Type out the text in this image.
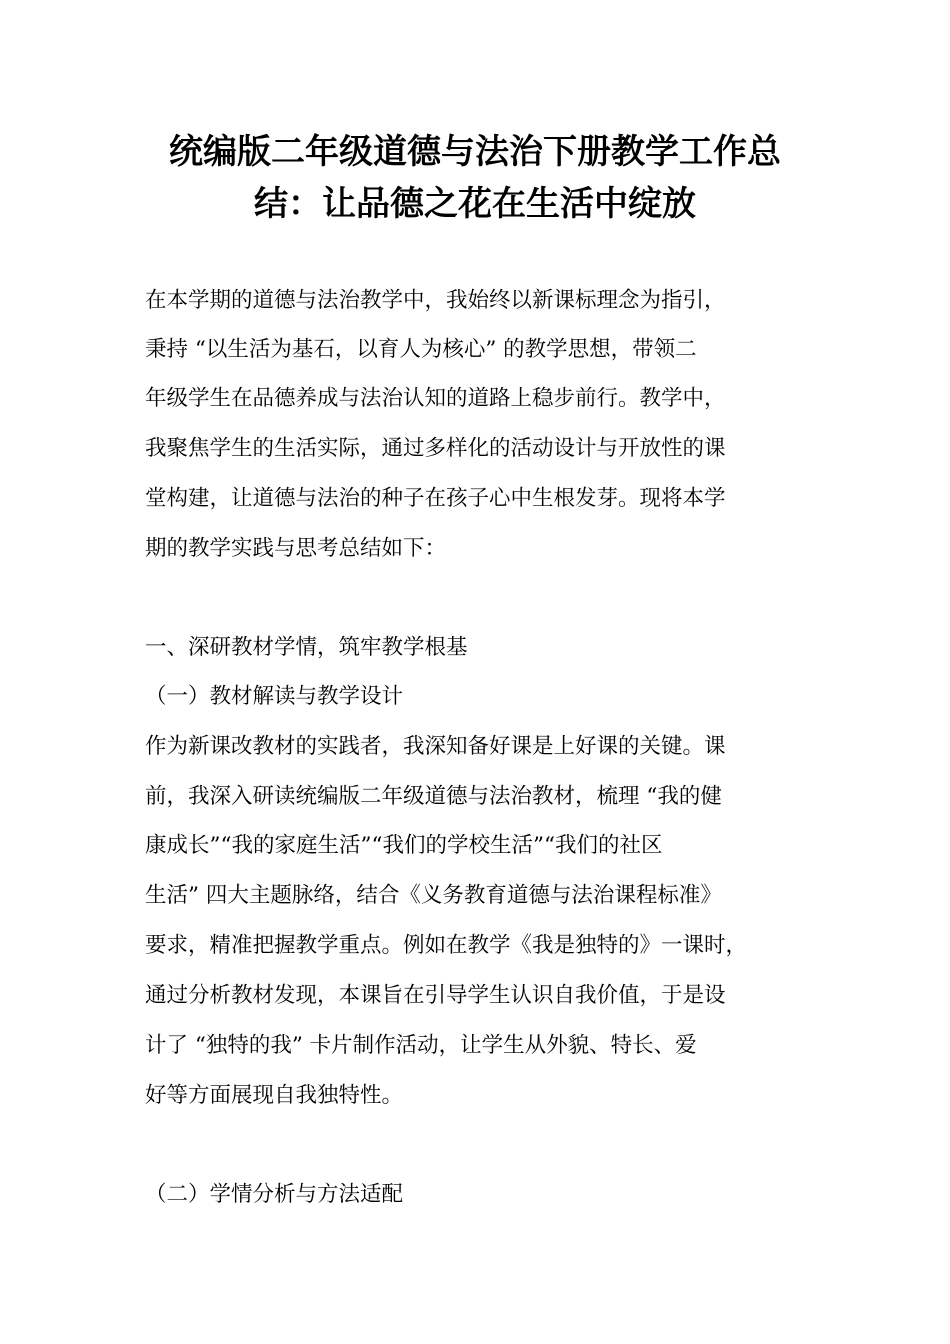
统编版二年级道德与法治下册教学工作总
结：让品德之花在生活中绽放

在本学期的道德与法治教学中，我始终以新课标理念为指引，

秉持 “以生活为基石，以育人为核心” 的教学思想，带领二

年级学生在品德养成与法治认知的道路上稳步前行。教学中，

我聚焦学生的生活实际，通过多样化的活动设计与开放性的课

堂构建，让道德与法治的种子在孩子心中生根发芽。现将本学

期的教学实践与思考总结如下：

一、深研教材学情，筑牢教学根基

（一）教材解读与教学设计

作为新课改教材的实践者，我深知备好课是上好课的关键。课

前，我深入研读统编版二年级道德与法治教材，梳理 “我的健

康成长”“我的家庭生活”“我们的学校生活”“我们的社区

生活” 四大主题脉络，结合《义务教育道德与法治课程标准》

要求，精准把握教学重点。例如在教学《我是独特的》一课时，

通过分析教材发现，本课旨在引导学生认识自我价值，于是设

计了 “独特的我” 卡片制作活动，让学生从外貌、特长、爱

好等方面展现自我独特性。

（二）学情分析与方法适配
